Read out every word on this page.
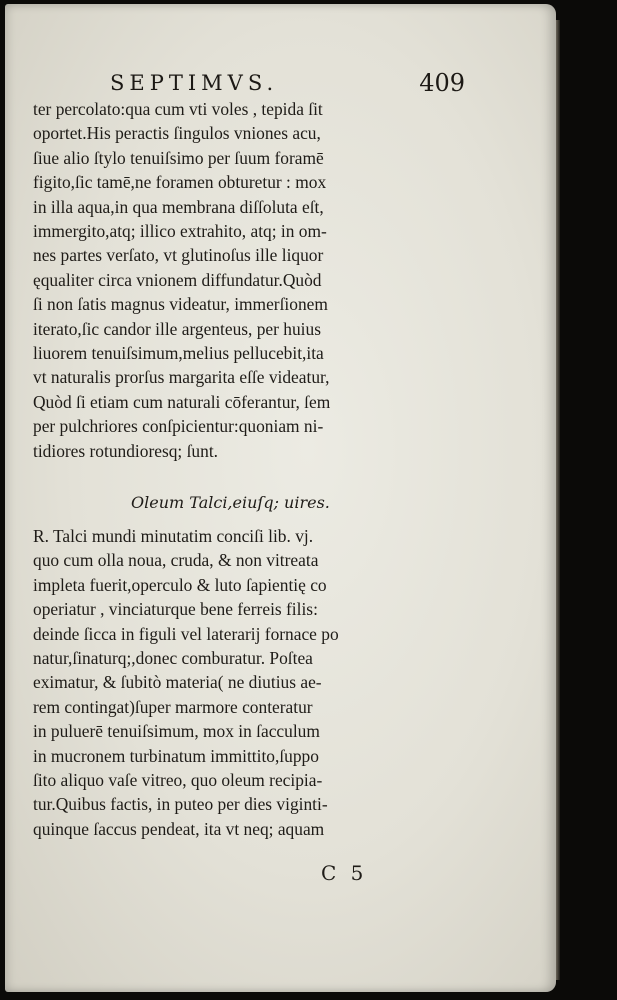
SEPTIMVS.	409
ter percolato:qua cum vti voles , tepida ſit
oportet.His peractis ſingulos vniones acu,
ſiue alio ſtylo tenuiſsimo per ſuum foramē
figito,ſic tamē,ne foramen obturetur : mox
in illa aqua,in qua membrana diſſoluta eſt,
immergito,atq; illico extrahito, atq; in om-
nes partes verſato, vt glutinoſus ille liquor
ęqualiter circa vnionem diffundatur.Quòd
ſi non ſatis magnus videatur, immerſionem
iterato,ſic candor ille argenteus, per huius
liuorem tenuiſsimum,melius pellucebit,ita
vt naturalis prorſus margarita eſſe videatur,
Quòd ſi etiam cum naturali cōferantur, ſem
per pulchriores conſpicientur:quoniam ni-
tidiores rotundioresq; ſunt.
Oleum Talci,eiuſq; uires.
R. Talci mundi minutatim conciſi lib. vj.
quo cum olla noua, cruda, & non vitreata
impleta fuerit,operculo & luto ſapientię co
operiatur , vinciaturque bene ferreis filis:
deinde ſicca in figuli vel laterarij fornace po
natur,ſinaturq;,donec comburatur. Poſtea
eximatur, & ſubitò materia( ne diutius ae-
rem contingat)ſuper marmore conteratur
in puluerē tenuiſsimum, mox in ſacculum
in mucronem turbinatum immittito,ſuppo
ſito aliquo vaſe vitreo, quo oleum recipia-
tur.Quibus factis, in puteo per dies viginti-
quinque ſaccus pendeat, ita vt neq; aquam
C 5
